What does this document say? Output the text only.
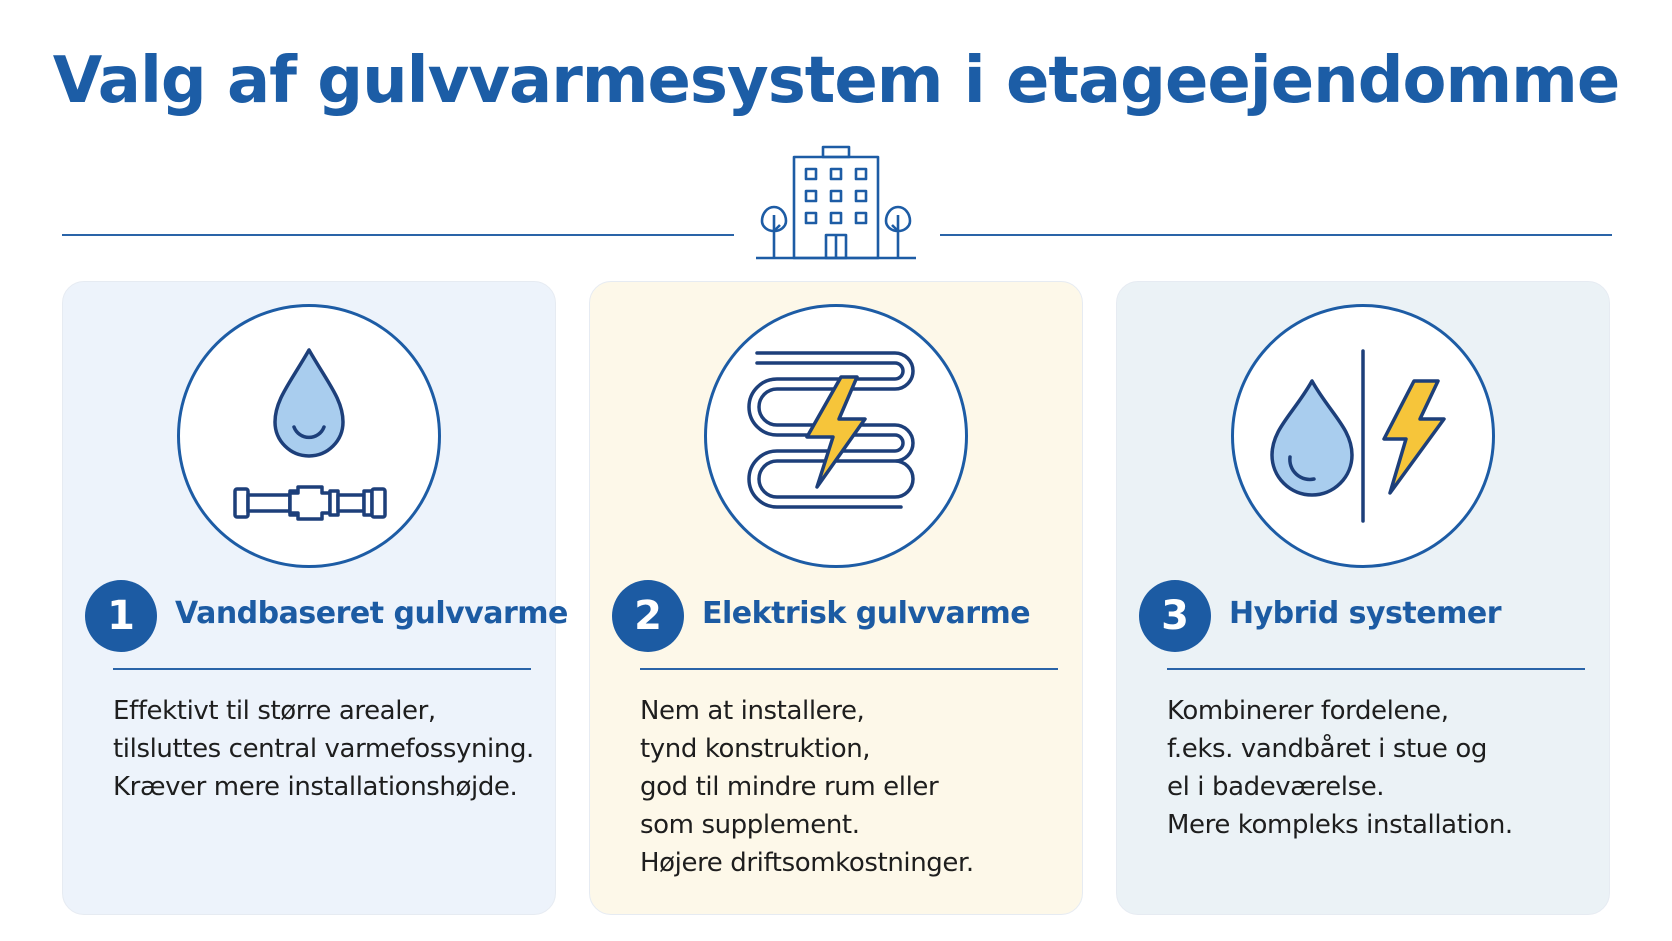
Valg af gulvvarmesystem i etageejendomme
1	Vandbaseret gulvvarme
Effektivt til større arealer,
tilsluttes central varmefossyning.
Kræver mere installationshøjde.
2	Elektrisk gulvvarme
Nem at installere,
tynd konstruktion,
god til mindre rum eller
som supplement.
Højere driftsomkostninger.
3	Hybrid systemer
Kombinerer fordelene,
f.eks. vandbåret i stue og
el i badeværelse.
Mere kompleks installation.
